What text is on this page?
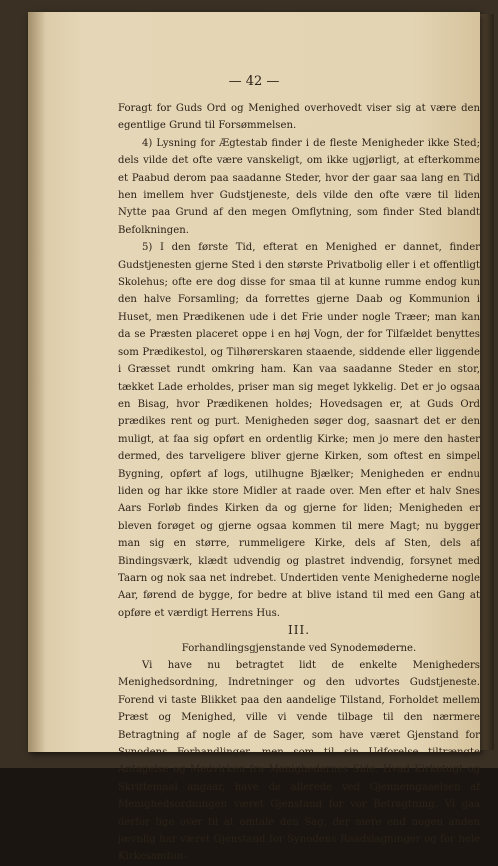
— 42 —

Foragt for Guds Ord og Menighed overhovedt viser sig at være den egentlige Grund til Forsømmelsen.

4) Lysning for Ægtestab finder i de fleste Menigheder ikke Sted; dels vilde det ofte være vanskeligt, om ikke ugjørligt, at efterkomme et Paabud derom paa saadanne Steder, hvor der gaar saa lang en Tid hen imellem hver Gudstjeneste, dels vilde den ofte være til liden Nytte paa Grund af den megen Omflytning, som finder Sted blandt Befolkningen.

5) I den første Tid, efterat en Menighed er dannet, finder Gudstjenesten gjerne Sted i den største Privatbolig eller i et offentligt Skolehus; ofte ere dog disse for smaa til at kunne rumme endog kun den halve Forsamling; da forrettes gjerne Daab og Kommunion i Huset, men Prædikenen ude i det Frie under nogle Træer; man kan da se Præsten placeret oppe i en høj Vogn, der for Tilfældet benyttes som Prædikestol, og Tilhørerskaren staaende, siddende eller liggende i Græsset rundt omkring ham. Kan vaa saadanne Steder en stor, tækket Lade erholdes, priser man sig meget lykkelig. Det er jo ogsaa en Bisag, hvor Prædikenen holdes; Hovedsagen er, at Guds Ord prædikes rent og purt. Menigheden søger dog, saasnart det er den muligt, at faa sig opført en ordentlig Kirke; men jo mere den haster dermed, des tarveligere bliver gjerne Kirken, som oftest en simpel Bygning, opført af logs, utilhugne Bjælker; Menigheden er endnu liden og har ikke store Midler at raade over. Men efter et halv Snes Aars Forløb findes Kirken da og gjerne for liden; Menigheden er bleven forøget og gjerne ogsaa kommen til mere Magt; nu bygger man sig en større, rummeligere Kirke, dels af Sten, dels af Bindingsværk, klædt udvendig og plastret indvendig, forsynet med Taarn og nok saa net indrebet. Undertiden vente Menighederne nogle Aar, førend de bygge, for bedre at blive istand til med een Gang at opføre et værdigt Herrens Hus.

III.

Forhandlingsgjenstande ved Synodemøderne.

Vi have nu betragtet lidt de enkelte Menigheders Menighedsordning, Indretninger og den udvortes Gudstjeneste. Forend vi taste Blikket paa den aandelige Tilstand, Forholdet mellem Præst og Menighed, ville vi vende tilbage til den nærmere Betragtning af nogle af de Sager, som have været Gjenstand for Synodens Forhandlinger, men som til sin Udforelse tiltrængte Antagelse og Medvirken fra Menighedernes Side. Hvad Kirketugt og Skriftemaal angaar, have de allerede ved Gjennemgaaelsen af Menighedsordningen været Gjenstand for vor Betragtning. Vi gaa derfor lige over til at omtale den Sag, der mere end nogen anden jævnlig har været Gjenstand for Synodens Raadslagninger og for hele Kirkesamfun-
